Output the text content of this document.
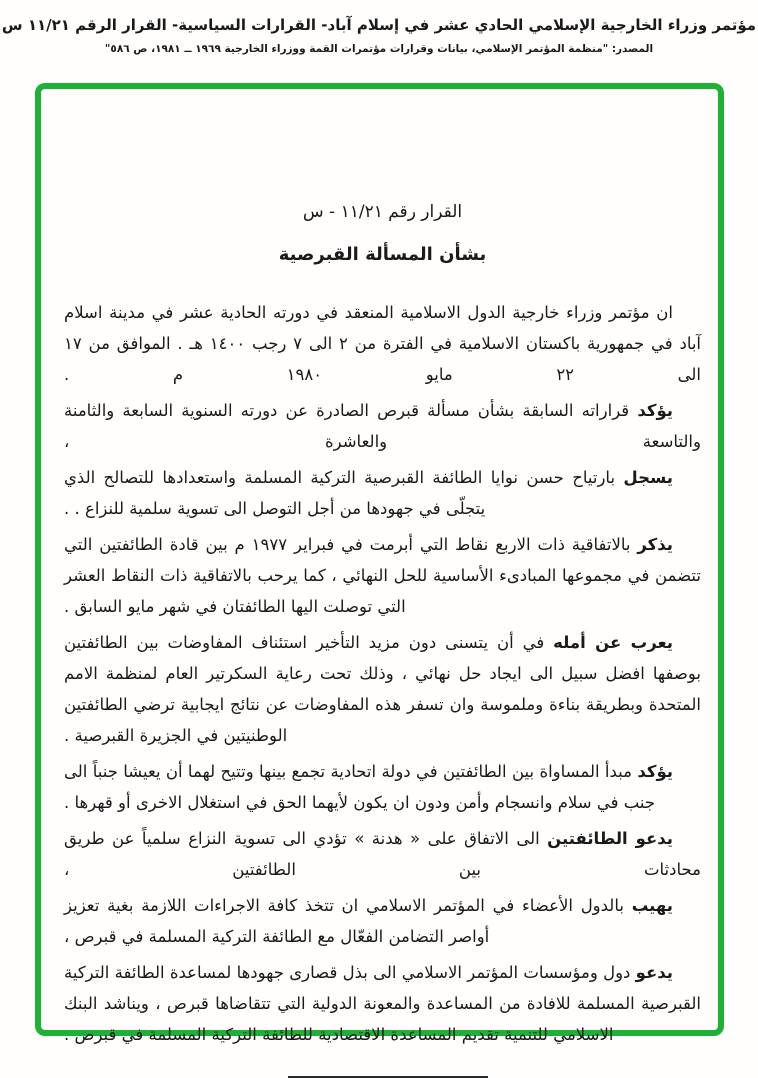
مؤتمر وزراء الخارجية الإسلامي الحادي عشر في إسلام آباد- القرارات السياسية- القرار الرقم ١١/٢١ س
المصدر: "منظمة المؤتمر الإسلامي، بيانات وقرارات مؤتمرات القمة ووزراء الخارجية ١٩٦٩ ــ ١٩٨١، ص ٥٨٦"
القرار رقم ١١/٢١ - س
بشأن المسألة القبرصية

ان مؤتمر وزراء خارجية الدول الاسلامية المنعقد في دورته الحادية عشر في مدينة اسلام آباد في جمهورية باكستان الاسلامية في الفترة من ٢ الى ٧ رجب ١٤٠٠ هـ . الموافق من ١٧ الى ٢٢ مايو ١٩٨٠ م .

يؤكد قراراته السابقة بشأن مسألة قبرص الصادرة عن دورته السنوية السابعة والثامنة والتاسعة والعاشرة ،

يسجل بارتياح حسن نوايا الطائفة القبرصية التركية المسلمة واستعدادها للتصالح الذي يتجلّى في جهودها من أجل التوصل الى تسوية سلمية للنزاع . .

يذكر بالاتفاقية ذات الاربع نقاط التي أبرمت في فبراير ١٩٧٧ م بين قادة الطائفتين التي تتضمن في مجموعها المبادىء الأساسية للحل النهائي ، كما يرحب بالاتفاقية ذات النقاط العشر التي توصلت اليها الطائفتان في شهر مايو السابق .

يعرب عن أمله في أن يتسنى دون مزيد التأخير استئناف المفاوضات بين الطائفتين بوصفها افضل سبيل الى ايجاد حل نهائي ، وذلك تحت رعاية السكرتير العام لمنظمة الامم المتحدة وبطريقة بناءة وملموسة وان تسفر هذه المفاوضات عن نتائج ايجابية ترضي الطائفتين الوطنيتين في الجزيرة القبرصية .

يؤكد مبدأ المساواة بين الطائفتين في دولة اتحادية تجمع بينها وتتيح لهما أن يعيشا جنباً الى جنب في سلام وانسجام وأمن ودون ان يكون لأيهما الحق في استغلال الاخرى أو قهرها .

يدعو الطائفتين الى الاتفاق على « هدنة » تؤدي الى تسوية النزاع سلمياً عن طريق محادثات بين الطائفتين ،

يهيب بالدول الأعضاء في المؤتمر الاسلامي ان تتخذ كافة الاجراءات اللازمة بغية تعزيز أواصر التضامن الفعّال مع الطائفة التركية المسلمة في قبرص ،

يدعو دول ومؤسسات المؤتمر الاسلامي الى بذل قصارى جهودها لمساعدة الطائفة التركية القبرصية المسلمة للافادة من المساعدة والمعونة الدولية التي تتقاضاها قبرص ، ويناشد البنك الاسلامي للتنمية تقديم المساعدة الاقتصادية للطائفة التركية المسلمة في قبرص .
